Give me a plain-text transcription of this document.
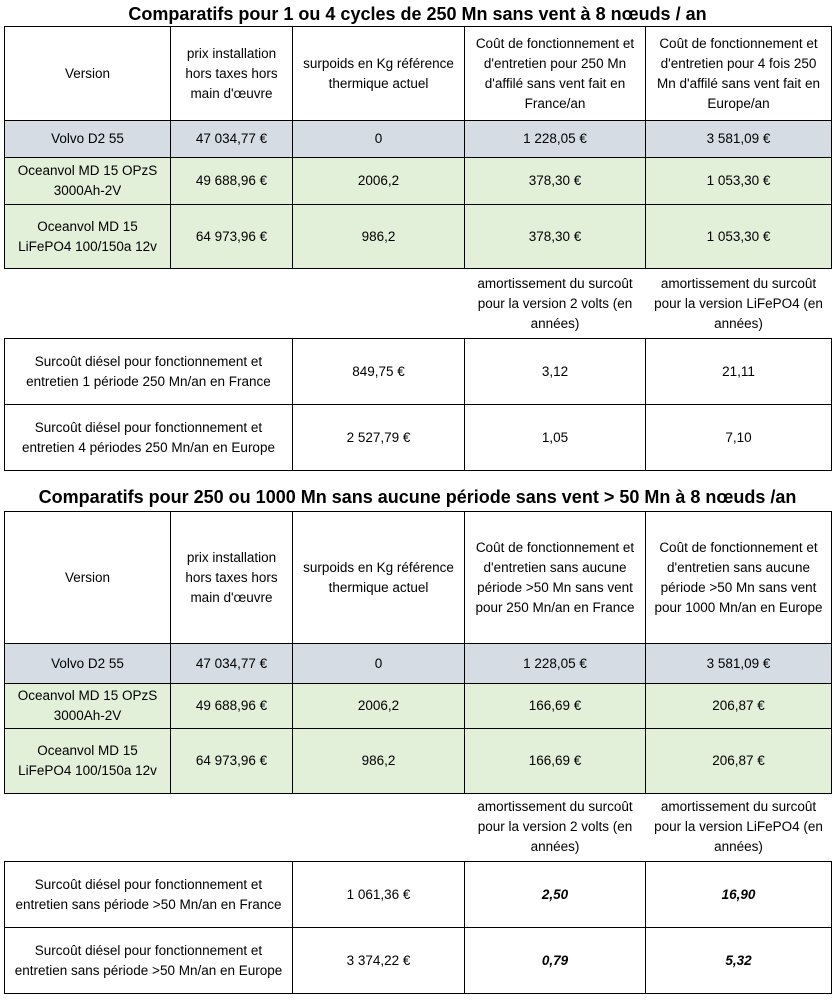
Comparatifs pour 1 ou 4 cycles de 250 Mn sans vent à 8 nœuds / an
Version	prix installation hors taxes hors main d'œuvre	surpoids en Kg référence thermique actuel	Coût de fonctionnement et d'entretien pour 250 Mn d'affilé sans vent fait en France/an	Coût de fonctionnement et d'entretien pour 4 fois 250 Mn d'affilé sans vent fait en Europe/an
Volvo D2 55	47 034,77 €	0	1 228,05 €	3 581,09 €
Oceanvol MD 15 OPzS 3000Ah-2V	49 688,96 €	2006,2	378,30 €	1 053,30 €
Oceanvol MD 15 LiFePO4 100/150a 12v	64 973,96 €	986,2	378,30 €	1 053,30 €
			amortissement du surcoût pour la version 2 volts (en années)	amortissement du surcoût pour la version LiFePO4 (en années)
Surcoût diésel pour fonctionnement et entretien 1 période 250 Mn/an en France	849,75 €	3,12	21,11
Surcoût diésel pour fonctionnement et entretien 4 périodes 250 Mn/an en Europe	2 527,79 €	1,05	7,10
Comparatifs pour 250 ou 1000 Mn sans aucune période sans vent > 50 Mn à 8 nœuds /an
Version	prix installation hors taxes hors main d'œuvre	surpoids en Kg référence thermique actuel	Coût de fonctionnement et d'entretien sans aucune période >50 Mn sans vent pour 250 Mn/an en France	Coût de fonctionnement et d'entretien sans aucune période >50 Mn sans vent pour 1000 Mn/an en Europe
Volvo D2 55	47 034,77 €	0	1 228,05 €	3 581,09 €
Oceanvol MD 15 OPzS 3000Ah-2V	49 688,96 €	2006,2	166,69 €	206,87 €
Oceanvol MD 15 LiFePO4 100/150a 12v	64 973,96 €	986,2	166,69 €	206,87 €
			amortissement du surcoût pour la version 2 volts (en années)	amortissement du surcoût pour la version LiFePO4 (en années)
Surcoût diésel pour fonctionnement et entretien sans période >50 Mn/an en France	1 061,36 €	2,50	16,90
Surcoût diésel pour fonctionnement et entretien sans période >50 Mn/an en Europe	3 374,22 €	0,79	5,32
